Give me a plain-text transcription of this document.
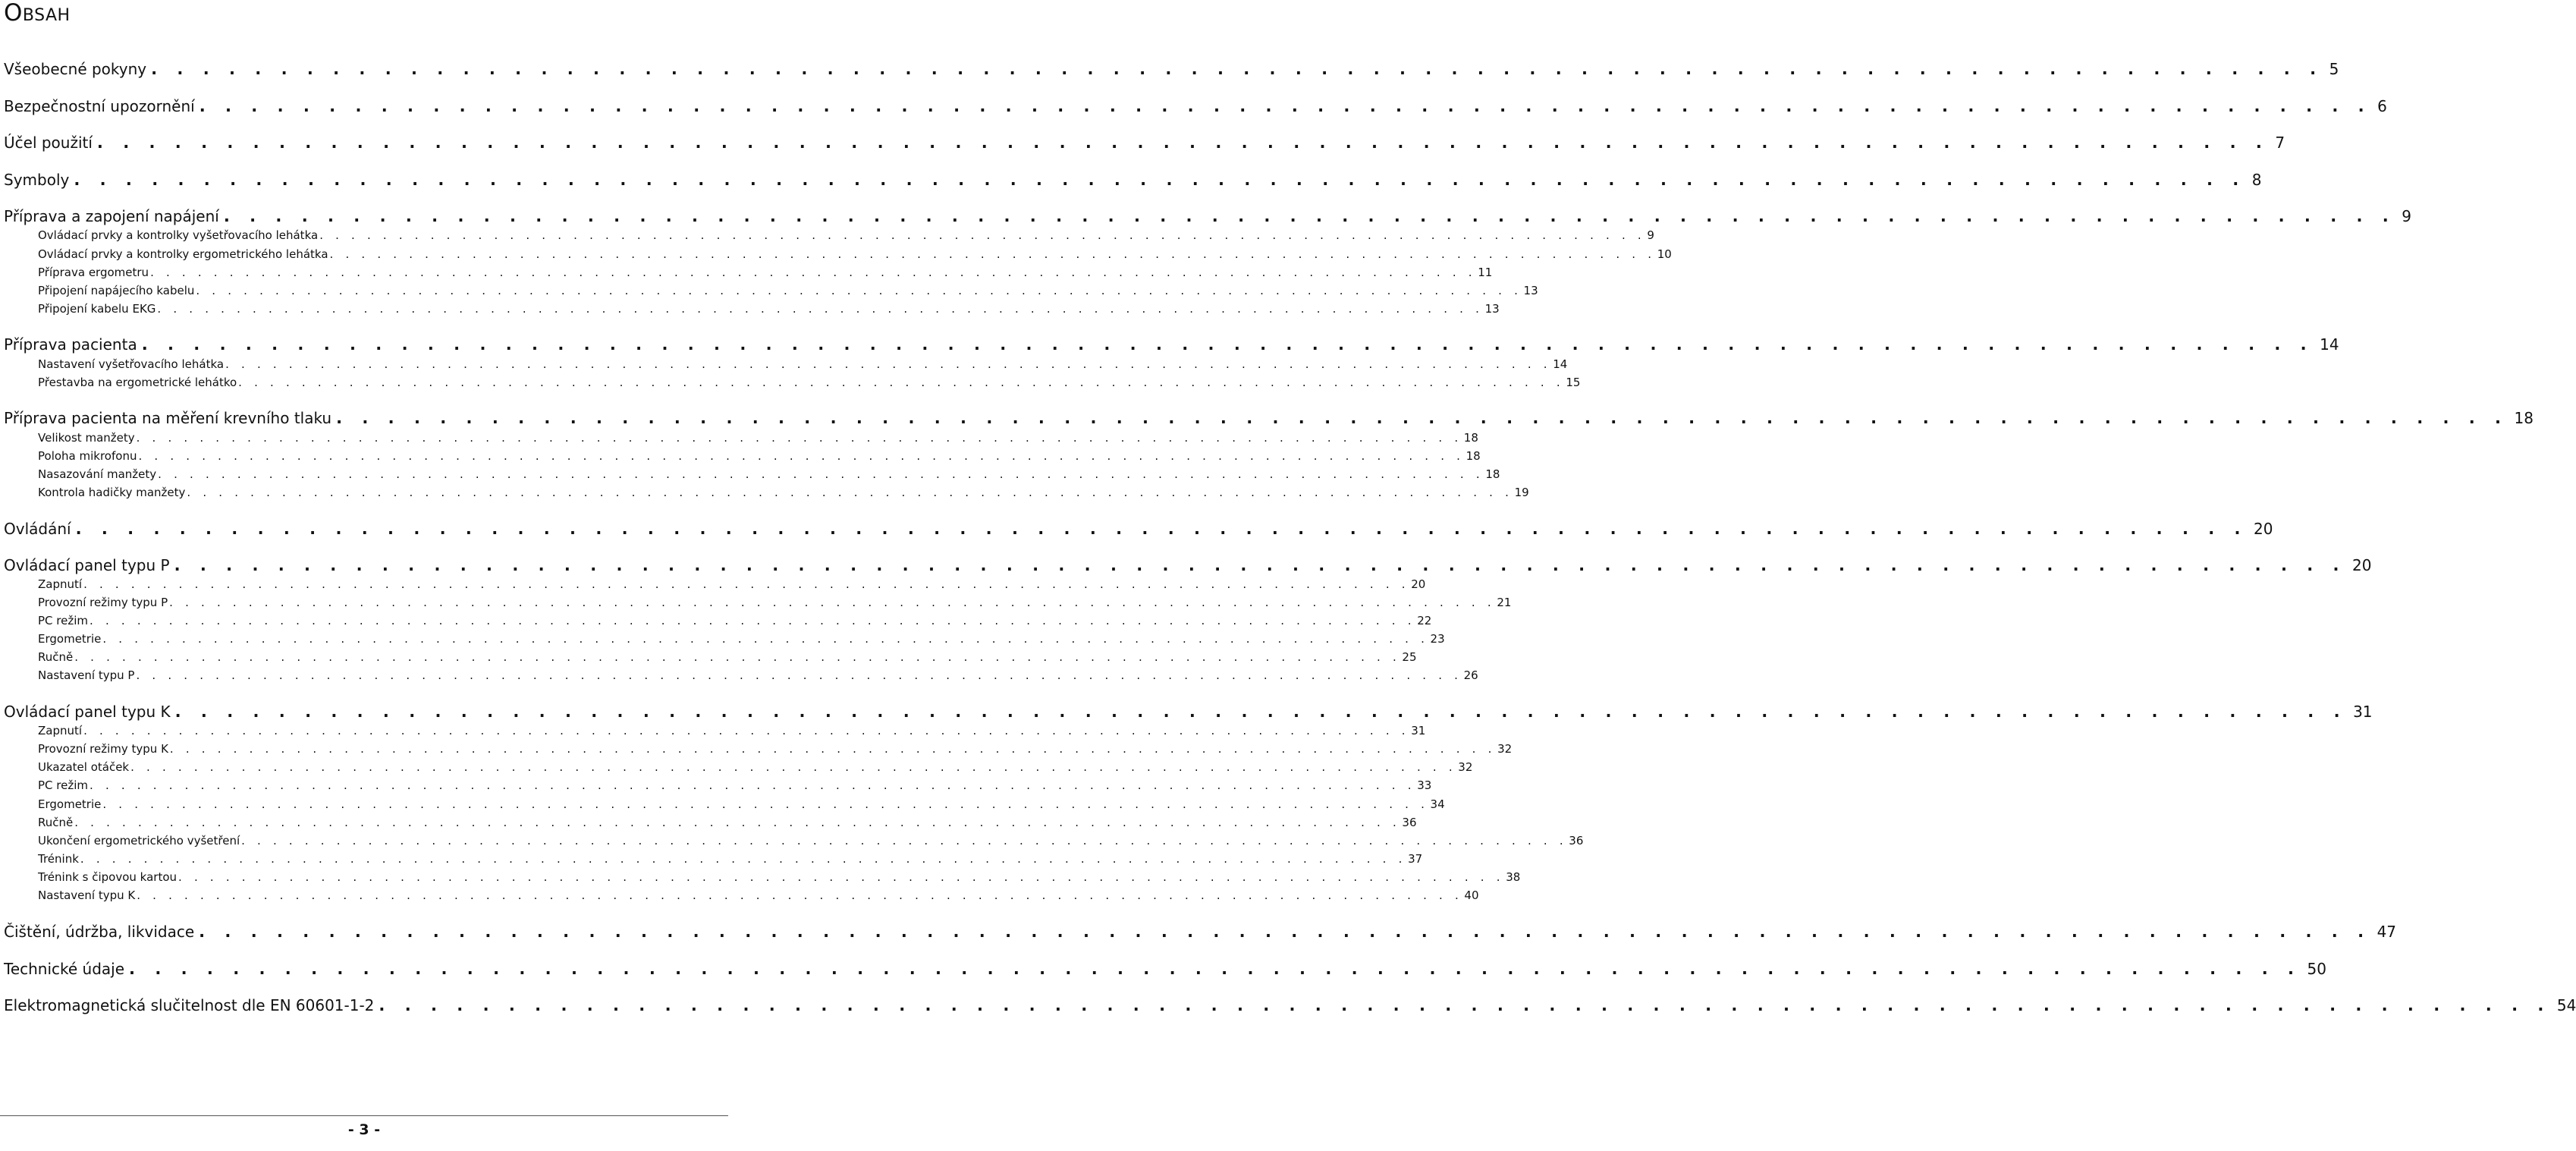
Obsah
Všeobecné pokyny . . . . . . . . . . . . . . . . . . . . . . . . . . . . . . . . . . . . . . . . . . . . . . . . . . . . . . . . . . . . . . . . . . . . . . . . . . . . . . . . . . . . 5
Bezpečnostní upozornění . . . . . . . . . . . . . . . . . . . . . . . . . . . . . . . . . . . . . . . . . . . . . . . . . . . . . . . . . . . . . . . . . . . . . . . . . . . . . . . . . . . . 6
Účel použití . . . . . . . . . . . . . . . . . . . . . . . . . . . . . . . . . . . . . . . . . . . . . . . . . . . . . . . . . . . . . . . . . . . . . . . . . . . . . . . . . . . . 7
Symboly . . . . . . . . . . . . . . . . . . . . . . . . . . . . . . . . . . . . . . . . . . . . . . . . . . . . . . . . . . . . . . . . . . . . . . . . . . . . . . . . . . . . 8
Příprava a zapojení napájení . . . . . . . . . . . . . . . . . . . . . . . . . . . . . . . . . . . . . . . . . . . . . . . . . . . . . . . . . . . . . . . . . . . . . . . . . . . . . . . . . . . . 9
Ovládací prvky a kontrolky vyšetřovacího lehátka . . . . . . . . . . . . . . . . . . . . . . . . . . . . . . . . . . . . . . . . . . . . . . . . . . . . . . . . . . . . . . . . . . . . . . . . . . . . . . . . . . . . 9
Ovládací prvky a kontrolky ergometrického lehátka . . . . . . . . . . . . . . . . . . . . . . . . . . . . . . . . . . . . . . . . . . . . . . . . . . . . . . . . . . . . . . . . . . . . . . . . . . . . . . . . . . . . 10
Příprava ergometru . . . . . . . . . . . . . . . . . . . . . . . . . . . . . . . . . . . . . . . . . . . . . . . . . . . . . . . . . . . . . . . . . . . . . . . . . . . . . . . . . . . . 11
Připojení napájecího kabelu . . . . . . . . . . . . . . . . . . . . . . . . . . . . . . . . . . . . . . . . . . . . . . . . . . . . . . . . . . . . . . . . . . . . . . . . . . . . . . . . . . . . 13
Připojení kabelu EKG . . . . . . . . . . . . . . . . . . . . . . . . . . . . . . . . . . . . . . . . . . . . . . . . . . . . . . . . . . . . . . . . . . . . . . . . . . . . . . . . . . . . 13
Příprava pacienta . . . . . . . . . . . . . . . . . . . . . . . . . . . . . . . . . . . . . . . . . . . . . . . . . . . . . . . . . . . . . . . . . . . . . . . . . . . . . . . . . . . . 14
Nastavení vyšetřovacího lehátka . . . . . . . . . . . . . . . . . . . . . . . . . . . . . . . . . . . . . . . . . . . . . . . . . . . . . . . . . . . . . . . . . . . . . . . . . . . . . . . . . . . . 14
Přestavba na ergometrické lehátko . . . . . . . . . . . . . . . . . . . . . . . . . . . . . . . . . . . . . . . . . . . . . . . . . . . . . . . . . . . . . . . . . . . . . . . . . . . . . . . . . . . . 15
Příprava pacienta na měření krevního tlaku . . . . . . . . . . . . . . . . . . . . . . . . . . . . . . . . . . . . . . . . . . . . . . . . . . . . . . . . . . . . . . . . . . . . . . . . . . . . . . . . . . . . 18
Velikost manžety . . . . . . . . . . . . . . . . . . . . . . . . . . . . . . . . . . . . . . . . . . . . . . . . . . . . . . . . . . . . . . . . . . . . . . . . . . . . . . . . . . . . 18
Poloha mikrofonu . . . . . . . . . . . . . . . . . . . . . . . . . . . . . . . . . . . . . . . . . . . . . . . . . . . . . . . . . . . . . . . . . . . . . . . . . . . . . . . . . . . . 18
Nasazování manžety . . . . . . . . . . . . . . . . . . . . . . . . . . . . . . . . . . . . . . . . . . . . . . . . . . . . . . . . . . . . . . . . . . . . . . . . . . . . . . . . . . . . 18
Kontrola hadičky manžety . . . . . . . . . . . . . . . . . . . . . . . . . . . . . . . . . . . . . . . . . . . . . . . . . . . . . . . . . . . . . . . . . . . . . . . . . . . . . . . . . . . . 19
Ovládání . . . . . . . . . . . . . . . . . . . . . . . . . . . . . . . . . . . . . . . . . . . . . . . . . . . . . . . . . . . . . . . . . . . . . . . . . . . . . . . . . . . . 20
Ovládací panel typu P . . . . . . . . . . . . . . . . . . . . . . . . . . . . . . . . . . . . . . . . . . . . . . . . . . . . . . . . . . . . . . . . . . . . . . . . . . . . . . . . . . . . 20
Zapnutí . . . . . . . . . . . . . . . . . . . . . . . . . . . . . . . . . . . . . . . . . . . . . . . . . . . . . . . . . . . . . . . . . . . . . . . . . . . . . . . . . . . . 20
Provozní režimy typu P . . . . . . . . . . . . . . . . . . . . . . . . . . . . . . . . . . . . . . . . . . . . . . . . . . . . . . . . . . . . . . . . . . . . . . . . . . . . . . . . . . . . 21
PC režim . . . . . . . . . . . . . . . . . . . . . . . . . . . . . . . . . . . . . . . . . . . . . . . . . . . . . . . . . . . . . . . . . . . . . . . . . . . . . . . . . . . . 22
Ergometrie . . . . . . . . . . . . . . . . . . . . . . . . . . . . . . . . . . . . . . . . . . . . . . . . . . . . . . . . . . . . . . . . . . . . . . . . . . . . . . . . . . . . 23
Ručně . . . . . . . . . . . . . . . . . . . . . . . . . . . . . . . . . . . . . . . . . . . . . . . . . . . . . . . . . . . . . . . . . . . . . . . . . . . . . . . . . . . . 25
Nastavení typu P . . . . . . . . . . . . . . . . . . . . . . . . . . . . . . . . . . . . . . . . . . . . . . . . . . . . . . . . . . . . . . . . . . . . . . . . . . . . . . . . . . . . 26
Ovládací panel typu K . . . . . . . . . . . . . . . . . . . . . . . . . . . . . . . . . . . . . . . . . . . . . . . . . . . . . . . . . . . . . . . . . . . . . . . . . . . . . . . . . . . . 31
Zapnutí . . . . . . . . . . . . . . . . . . . . . . . . . . . . . . . . . . . . . . . . . . . . . . . . . . . . . . . . . . . . . . . . . . . . . . . . . . . . . . . . . . . . 31
Provozní režimy typu K . . . . . . . . . . . . . . . . . . . . . . . . . . . . . . . . . . . . . . . . . . . . . . . . . . . . . . . . . . . . . . . . . . . . . . . . . . . . . . . . . . . . 32
Ukazatel otáček . . . . . . . . . . . . . . . . . . . . . . . . . . . . . . . . . . . . . . . . . . . . . . . . . . . . . . . . . . . . . . . . . . . . . . . . . . . . . . . . . . . . 32
PC režim . . . . . . . . . . . . . . . . . . . . . . . . . . . . . . . . . . . . . . . . . . . . . . . . . . . . . . . . . . . . . . . . . . . . . . . . . . . . . . . . . . . . 33
Ergometrie . . . . . . . . . . . . . . . . . . . . . . . . . . . . . . . . . . . . . . . . . . . . . . . . . . . . . . . . . . . . . . . . . . . . . . . . . . . . . . . . . . . . 34
Ručně . . . . . . . . . . . . . . . . . . . . . . . . . . . . . . . . . . . . . . . . . . . . . . . . . . . . . . . . . . . . . . . . . . . . . . . . . . . . . . . . . . . . 36
Ukončení ergometrického vyšetření . . . . . . . . . . . . . . . . . . . . . . . . . . . . . . . . . . . . . . . . . . . . . . . . . . . . . . . . . . . . . . . . . . . . . . . . . . . . . . . . . . . . 36
Trénink . . . . . . . . . . . . . . . . . . . . . . . . . . . . . . . . . . . . . . . . . . . . . . . . . . . . . . . . . . . . . . . . . . . . . . . . . . . . . . . . . . . . 37
Trénink s čipovou kartou . . . . . . . . . . . . . . . . . . . . . . . . . . . . . . . . . . . . . . . . . . . . . . . . . . . . . . . . . . . . . . . . . . . . . . . . . . . . . . . . . . . . 38
Nastavení typu K . . . . . . . . . . . . . . . . . . . . . . . . . . . . . . . . . . . . . . . . . . . . . . . . . . . . . . . . . . . . . . . . . . . . . . . . . . . . . . . . . . . . 40
Čištění, údržba, likvidace . . . . . . . . . . . . . . . . . . . . . . . . . . . . . . . . . . . . . . . . . . . . . . . . . . . . . . . . . . . . . . . . . . . . . . . . . . . . . . . . . . . . 47
Technické údaje . . . . . . . . . . . . . . . . . . . . . . . . . . . . . . . . . . . . . . . . . . . . . . . . . . . . . . . . . . . . . . . . . . . . . . . . . . . . . . . . . . . . 50
Elektromagnetická slučitelnost dle EN 60601-1-2 . . . . . . . . . . . . . . . . . . . . . . . . . . . . . . . . . . . . . . . . . . . . . . . . . . . . . . . . . . . . . . . . . . . . . . . . . . . . . . . . . . . . 54
- 3 -
